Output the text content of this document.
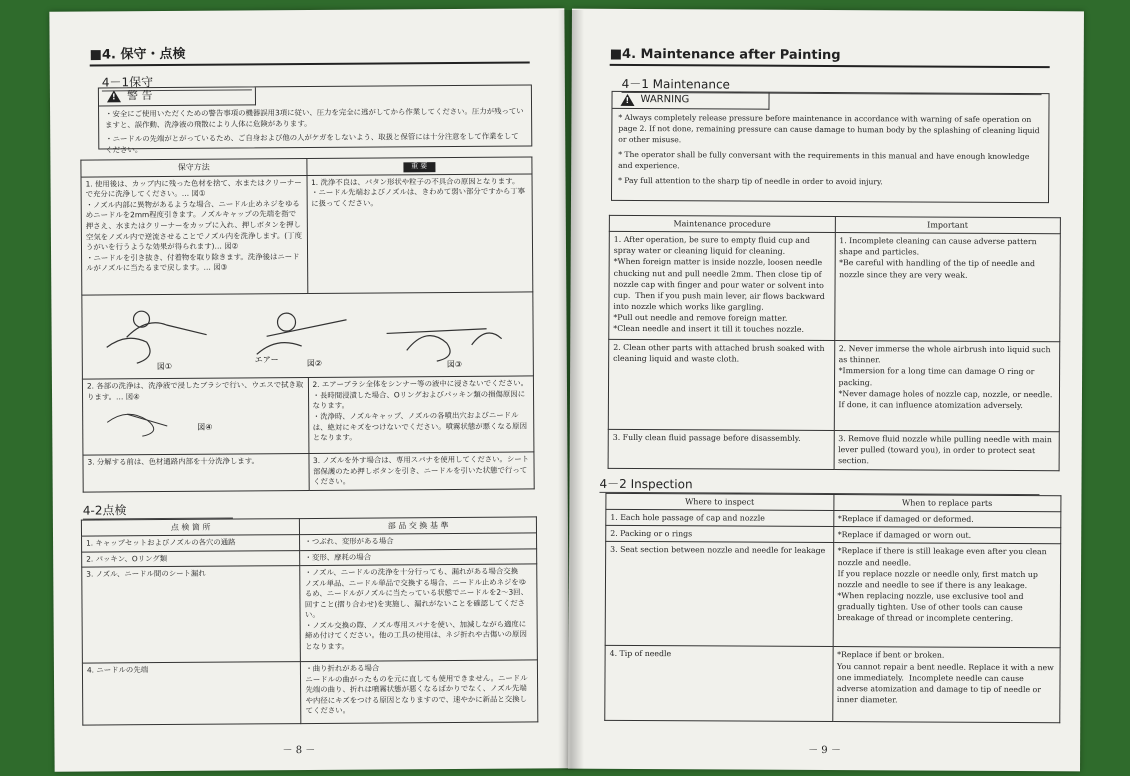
■4. 保守・点検
4－1保守
!
警 告

・安全にご使用いただくための警告事項の機器誤用3項に従い、圧力を完全に逃がしてから作業してください。圧力が残っていますと、誤作動、洗浄液の飛散により人体に危険があります。

・ニードルの先端がとがっているため、ご自身および他の人がケガをしないよう、取扱と保管には十分注意をして作業をしてください。

保守方法	重 要

1. 使用後は、カップ内に残った色材を捨て、水またはクリーナーで充分に洗浄してください。… 図①
・ノズル内部に異物があるような場合、ニードル止めネジをゆるめニードルを2mm程度引きます。ノズルキャップの先端を指で押さえ、水またはクリーナーをカップに入れ、押しボタンを押し空気をノズル内で逆流させることでノズル内を洗浄します。(丁度うがいを行うような効果が得られます)… 図②
・ニードルを引き抜き、付着物を取り除きます。洗浄後はニードルがノズルに当たるまで戻します。… 図③	1. 洗浄不良は、パタン形状や粒子の不具合の原因となります。
・ニードル先端およびノズルは、きわめて弱い部分ですから丁寧に扱ってください。

図① 図②
エアー
図③	

2. 各部の洗浄は、洗浄液で浸したブラシで行い、ウエスで拭き取ります。… 図④
図④	2. エアーブラシ全体をシンナー等の液中に浸さないでください。
・長時間浸漬した場合、Oリングおよびパッキン類の損傷原因になります。
・洗浄時、ノズルキャップ、ノズルの各噴出穴およびニードルは、絶対にキズをつけないでください。噴霧状態が悪くなる原因となります。

3. 分解する前は、色材通路内部を十分洗浄します。	3. ノズルを外す場合は、専用スパナを使用してください。シート部保護のため押しボタンを引き、ニードルを引いた状態で行ってください。
4-2点検
点 検 箇 所	部 品 交 換 基 準
1. キャップセットおよびノズルの各穴の通路	・つぶれ、変形がある場合
2. パッキン、Oリング類	・変形、摩耗の場合
3. ノズル、ニードル間のシート漏れ	・ノズル、ニードルの洗浄を十分行っても、漏れがある場合交換
ノズル単品、ニードル単品で交換する場合、ニードル止めネジをゆるめ、ニードルがノズルに当たっている状態でニードルを2～3回、回すこと(摺り合わせ)を実施し、漏れがないことを確認してください。
・ノズル交換の際、ノズル専用スパナを使い、加減しながら適度に締め付けてください。他の工具の使用は、ネジ折れや古傷いの原因となります。
4. ニードルの先端	・曲り折れがある場合
ニードルの曲がったものを元に直しても使用できません。ニードル先端の曲り、折れは噴霧状態が悪くなるばかりでなく、ノズル先端や内径にキズをつける原因となりますので、速やかに新品と交換してください。
－ 8 －
■4. Maintenance after Painting
4－1 Maintenance
!
WARNING

* Always completely release pressure before maintenance in accordance with warning of safe operation on page 2. If not done, remaining pressure can cause damage to human body by the splashing of cleaning liquid or other misuse.

* The operator shall be fully conversant with the requirements in this manual and have enough knowledge and experience.

* Pay full attention to the sharp tip of needle in order to avoid injury.

Maintenance procedure	Important
1. After operation, be sure to empty fluid cup and spray water or cleaning liquid for cleaning.
*When foreign matter is inside nozzle, loosen needle chucking nut and pull needle 2mm. Then close tip of nozzle cap with finger and pour water or solvent into cup.  Then if you push main lever, air flows backward into nozzle which works like gargling.
*Pull out needle and remove foreign matter.
*Clean needle and insert it till it touches nozzle.	1. Incomplete cleaning can cause adverse pattern shape and particles.
*Be careful with handling of the tip of needle and nozzle since they are very weak.
2. Clean other parts with attached brush soaked with cleaning liquid and waste cloth.	2. Never immerse the whole airbrush into liquid such as thinner.
*Immersion for a long time can damage O ring or packing.
*Never damage holes of nozzle cap, nozzle, or needle.  If done, it can influence atomization adversely.
3. Fully clean fluid passage before disassembly.	3. Remove fluid nozzle while pulling needle with main lever pulled (toward you), in order to protect seat section.
4－2 Inspection
Where to inspect	When to replace parts
1. Each hole passage of cap and nozzle	*Replace if damaged or deformed.
2. Packing or o rings	*Replace if damaged or worn out.
3. Seat section between nozzle and needle for leakage	*Replace if there is still leakage even after you clean nozzle and needle.
If you replace nozzle or needle only, first match up nozzle and needle to see if there is any leakage.
*When replacing nozzle, use exclusive tool and gradually tighten. Use of other tools can cause breakage of thread or incomplete centering.
4. Tip of needle	*Replace if bent or broken.
You cannot repair a bent needle. Replace it with a new one immediately.  Incomplete needle can cause adverse atomization and damage to tip of needle or inner diameter.
－ 9 －
